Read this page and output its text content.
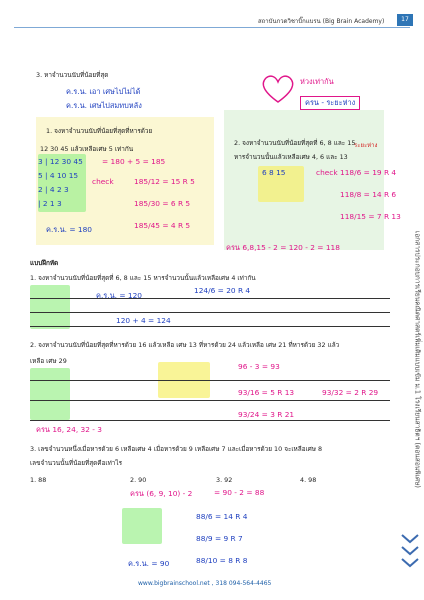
สถาบันกวดวิชาบิ๊กแบรน (Big Brain Academy)	17
เอกสารประกอบการเรียนคณิตศาสตร์เพิ่มเติมแบบเข้ม ม.1 โรงเรียนสาธิตฯ (ตอนสอนพิเศษ)
3. หาจำนวนนับที่น้อยที่สุด
ค.ร.น. เอา เศษไปไม่ได้
ค.ร.น. เศษไปสมทบหลัง
ห่วงเท่ากัน
ครน - ระยะห่าง
1. จงหาจำนวนนับที่น้อยที่สุดที่หารด้วย
12 30 45 แล้วเหลือเศษ 5 เท่ากัน
3 | 12 30 45
5 | 4 10 15
2 | 4 2 3
| 2 1 3
= 180 + 5 = 185
check	185/12 = 15 R 5
185/30 = 6 R 5
185/45 = 4 R 5
ค.ร.น. = 180
2. จงหาจำนวนนับที่น้อยที่สุดที่ 6, 8 และ 15
หารจำนวนนั้นแล้วเหลือเศษ 4, 6 และ 13
ระยะห่าง
6 8 15	check 118/6 = 19 R 4
118/8 = 14 R 6
118/15 = 7 R 13
ครน 6,8,15 - 2 = 120 - 2 = 118
แบบฝึกหัด
1. จงหาจำนวนนับที่น้อยที่สุดที่ 6, 8 และ 15 หารจำนวนนั้นแล้วเหลือเศษ 4 เท่ากัน
ค.ร.น. = 120
124/6 = 20 R 4
120 + 4 = 124
2. จงหาจำนวนนับที่น้อยที่สุดที่หารด้วย 16 แล้วเหลือ เศษ 13 ที่หารด้วย 24 แล้วเหลือ เศษ 21 ที่หารด้วย 32 แล้ว
เหลือ เศษ 29
ครน 16, 24, 32 - 3
96 - 3 = 93
93/16 = 5 R 13	93/32 = 2 R 29
93/24 = 3 R 21
3. เลขจำนวนหนึ่งเมื่อหารด้วย 6 เหลือเศษ 4 เมื่อหารด้วย 9 เหลือเศษ 7 และเมื่อหารด้วย 10 จะเหลือเศษ 8
เลขจำนวนนั้นที่น้อยที่สุดคือเท่าไร
1. 88	2. 90	3. 92	4. 98
ครน (6, 9, 10) - 2	= 90 - 2 = 88
88/6 = 14 R 4
88/9 = 9 R 7
88/10 = 8 R 8
ค.ร.น. = 90
www.bigbrainschool.net , 318 094-564-4465
